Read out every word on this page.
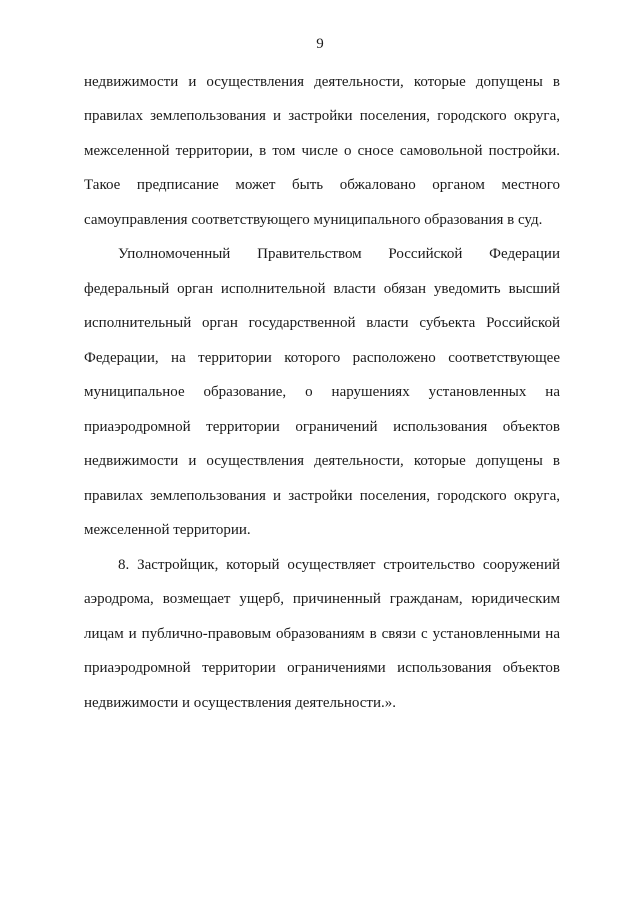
9
недвижимости и осуществления деятельности, которые допущены в
правилах землепользования и застройки поселения, городского округа,
межселенной территории, в том числе о сносе самовольной постройки.
Такое предписание может быть обжаловано органом местного
самоуправления соответствующего муниципального образования в суд.
Уполномоченный Правительством Российской Федерации
федеральный орган исполнительной власти обязан уведомить высший
исполнительный орган государственной власти субъекта Российской
Федерации, на территории которого расположено соответствующее
муниципальное образование, о нарушениях установленных на
приаэродромной территории ограничений использования объектов
недвижимости и осуществления деятельности, которые допущены в
правилах землепользования и застройки поселения, городского округа,
межселенной территории.
8. Застройщик, который осуществляет строительство сооружений
аэродрома, возмещает ущерб, причиненный гражданам, юридическим
лицам и публично-правовым образованиям в связи с установленными на
приаэродромной территории ограничениями использования объектов
недвижимости и осуществления деятельности.».
